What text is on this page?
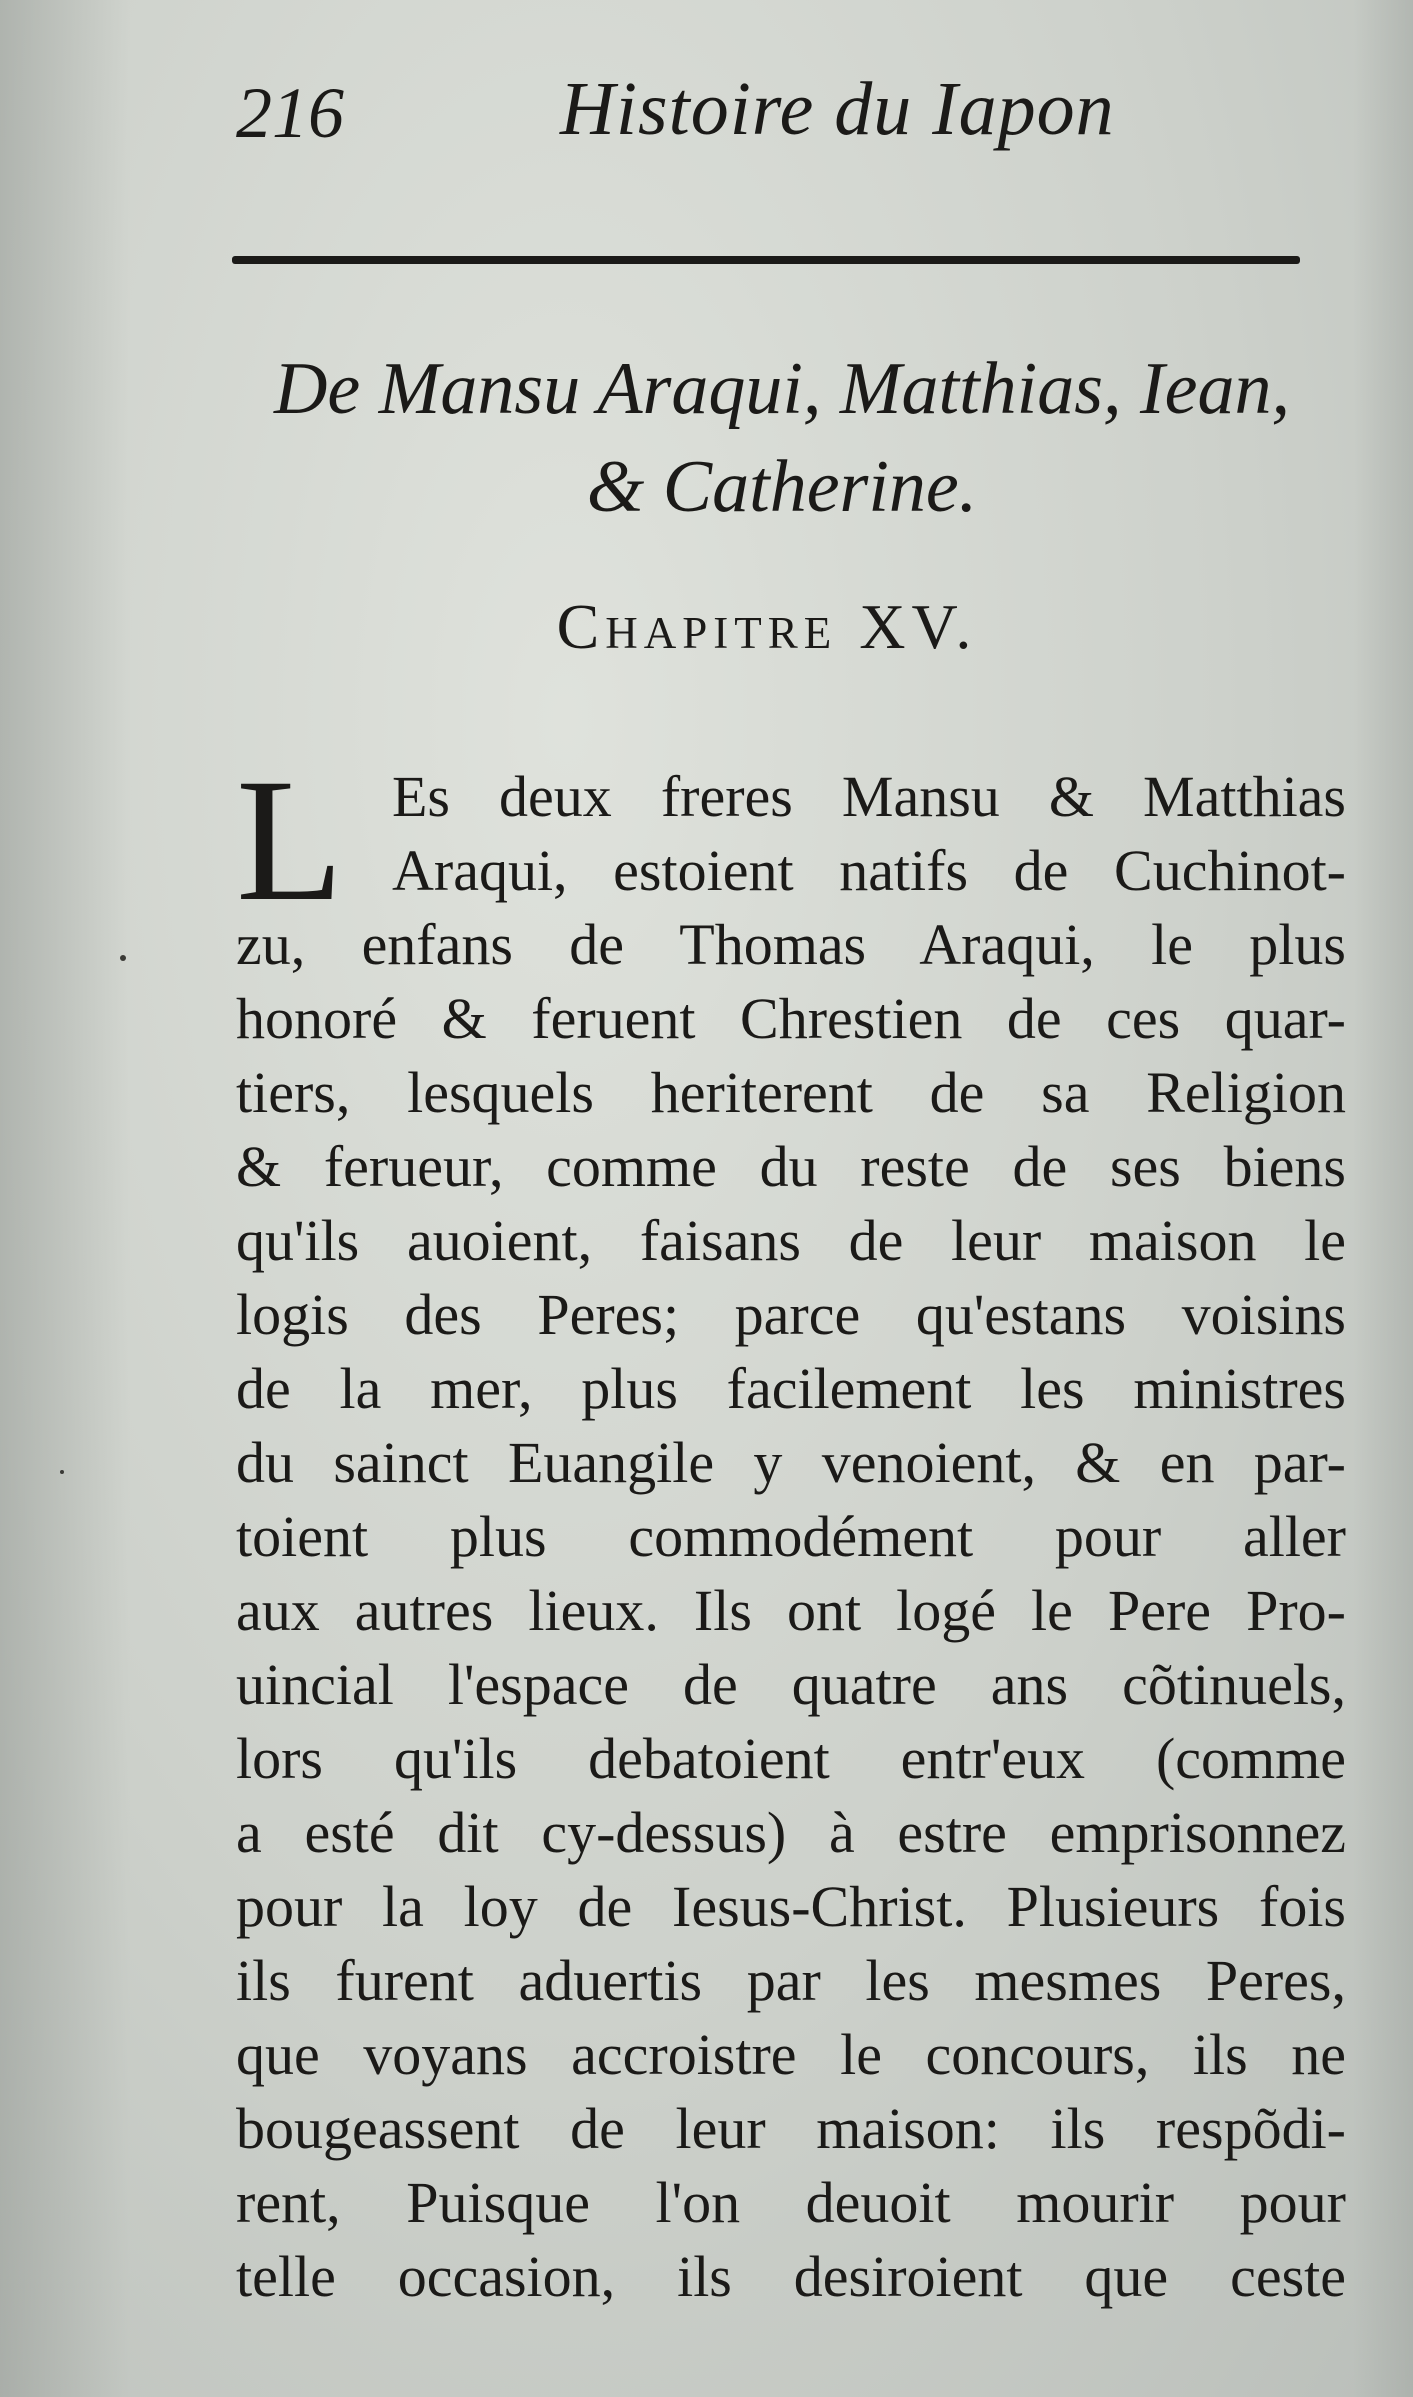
216	Histoire du Iapon
De Mansu Araqui, Matthias, Iean,
& Catherine.
Chapitre XV.
L Es deux freres Mansu & Matthias
Araqui, estoient natifs de Cuchinot-
zu, enfans de Thomas Araqui, le plus
honoré & feruent Chrestien de ces quar-
tiers, lesquels heriterent de sa Religion
& ferueur, comme du reste de ses biens
qu'ils auoient, faisans de leur maison le
logis des Peres; parce qu'estans voisins
de la mer, plus facilement les ministres
du sainct Euangile y venoient, & en par-
toient plus commodément pour aller
aux autres lieux. Ils ont logé le Pere Pro-
uincial l'espace de quatre ans cõtinuels,
lors qu'ils debatoient entr'eux (comme
a esté dit cy-dessus) à estre emprisonnez
pour la loy de Iesus-Christ. Plusieurs fois
ils furent aduertis par les mesmes Peres,
que voyans accroistre le concours, ils ne
bougeassent de leur maison: ils respõdi-
rent, Puisque l'on deuoit mourir pour
telle occasion, ils desiroient que ceste
